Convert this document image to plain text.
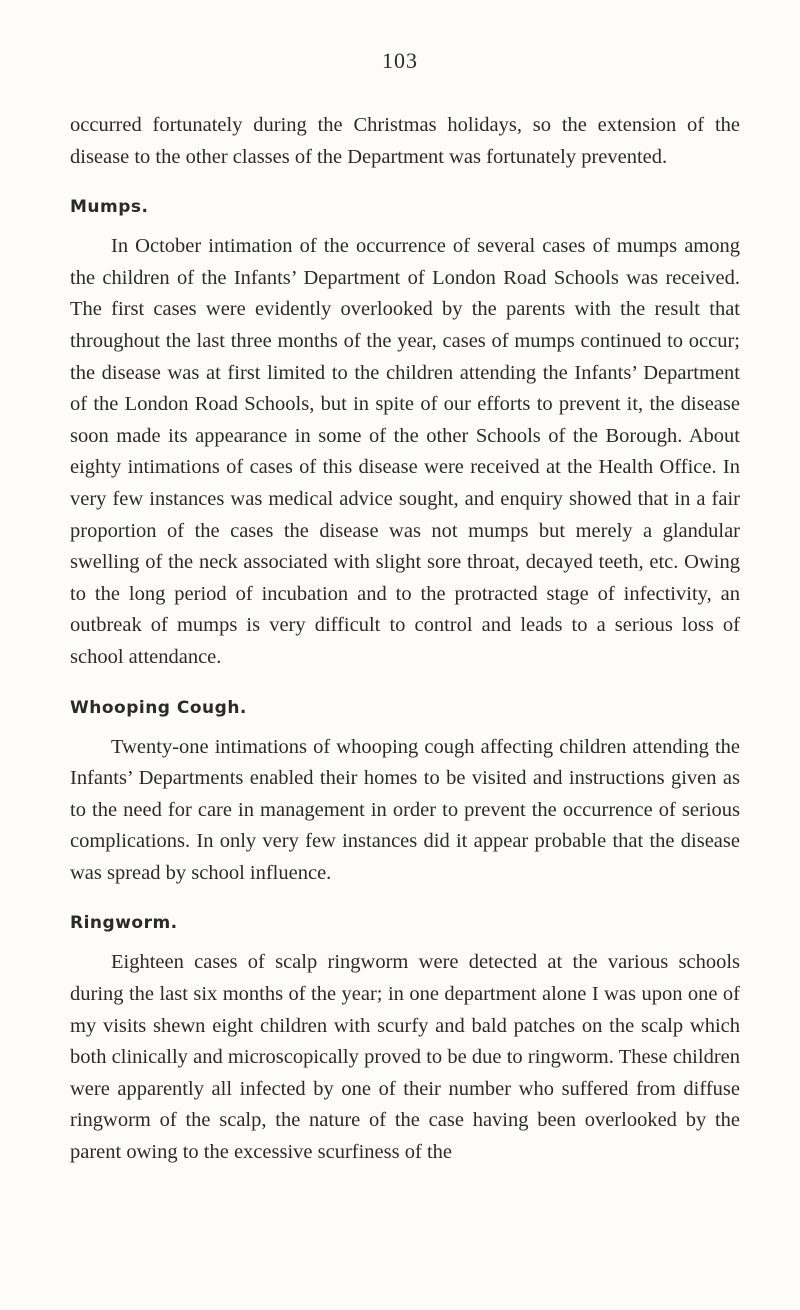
103

occurred fortunately during the Christmas holidays, so the extension of the disease to the other classes of the Department was fortunately prevented.

Mumps.

In October intimation of the occurrence of several cases of mumps among the children of the Infants’ Department of London Road Schools was received. The first cases were evidently overlooked by the parents with the result that throughout the last three months of the year, cases of mumps continued to occur; the disease was at first limited to the children attending the Infants’ Department of the London Road Schools, but in spite of our efforts to prevent it, the disease soon made its appearance in some of the other Schools of the Borough. About eighty intimations of cases of this disease were received at the Health Office. In very few instances was medical advice sought, and enquiry showed that in a fair proportion of the cases the disease was not mumps but merely a glandular swelling of the neck associated with slight sore throat, decayed teeth, etc. Owing to the long period of incubation and to the protracted stage of infectivity, an outbreak of mumps is very difficult to control and leads to a serious loss of school attendance.

Whooping Cough.

Twenty-one intimations of whooping cough affecting children attending the Infants’ Departments enabled their homes to be visited and instructions given as to the need for care in management in order to prevent the occurrence of serious complications. In only very few instances did it appear probable that the disease was spread by school influence.

Ringworm.

Eighteen cases of scalp ringworm were detected at the various schools during the last six months of the year; in one department alone I was upon one of my visits shewn eight children with scurfy and bald patches on the scalp which both clinically and microscopically proved to be due to ringworm. These children were apparently all infected by one of their number who suffered from diffuse ringworm of the scalp, the nature of the case having been overlooked by the parent owing to the excessive scurfiness of the
